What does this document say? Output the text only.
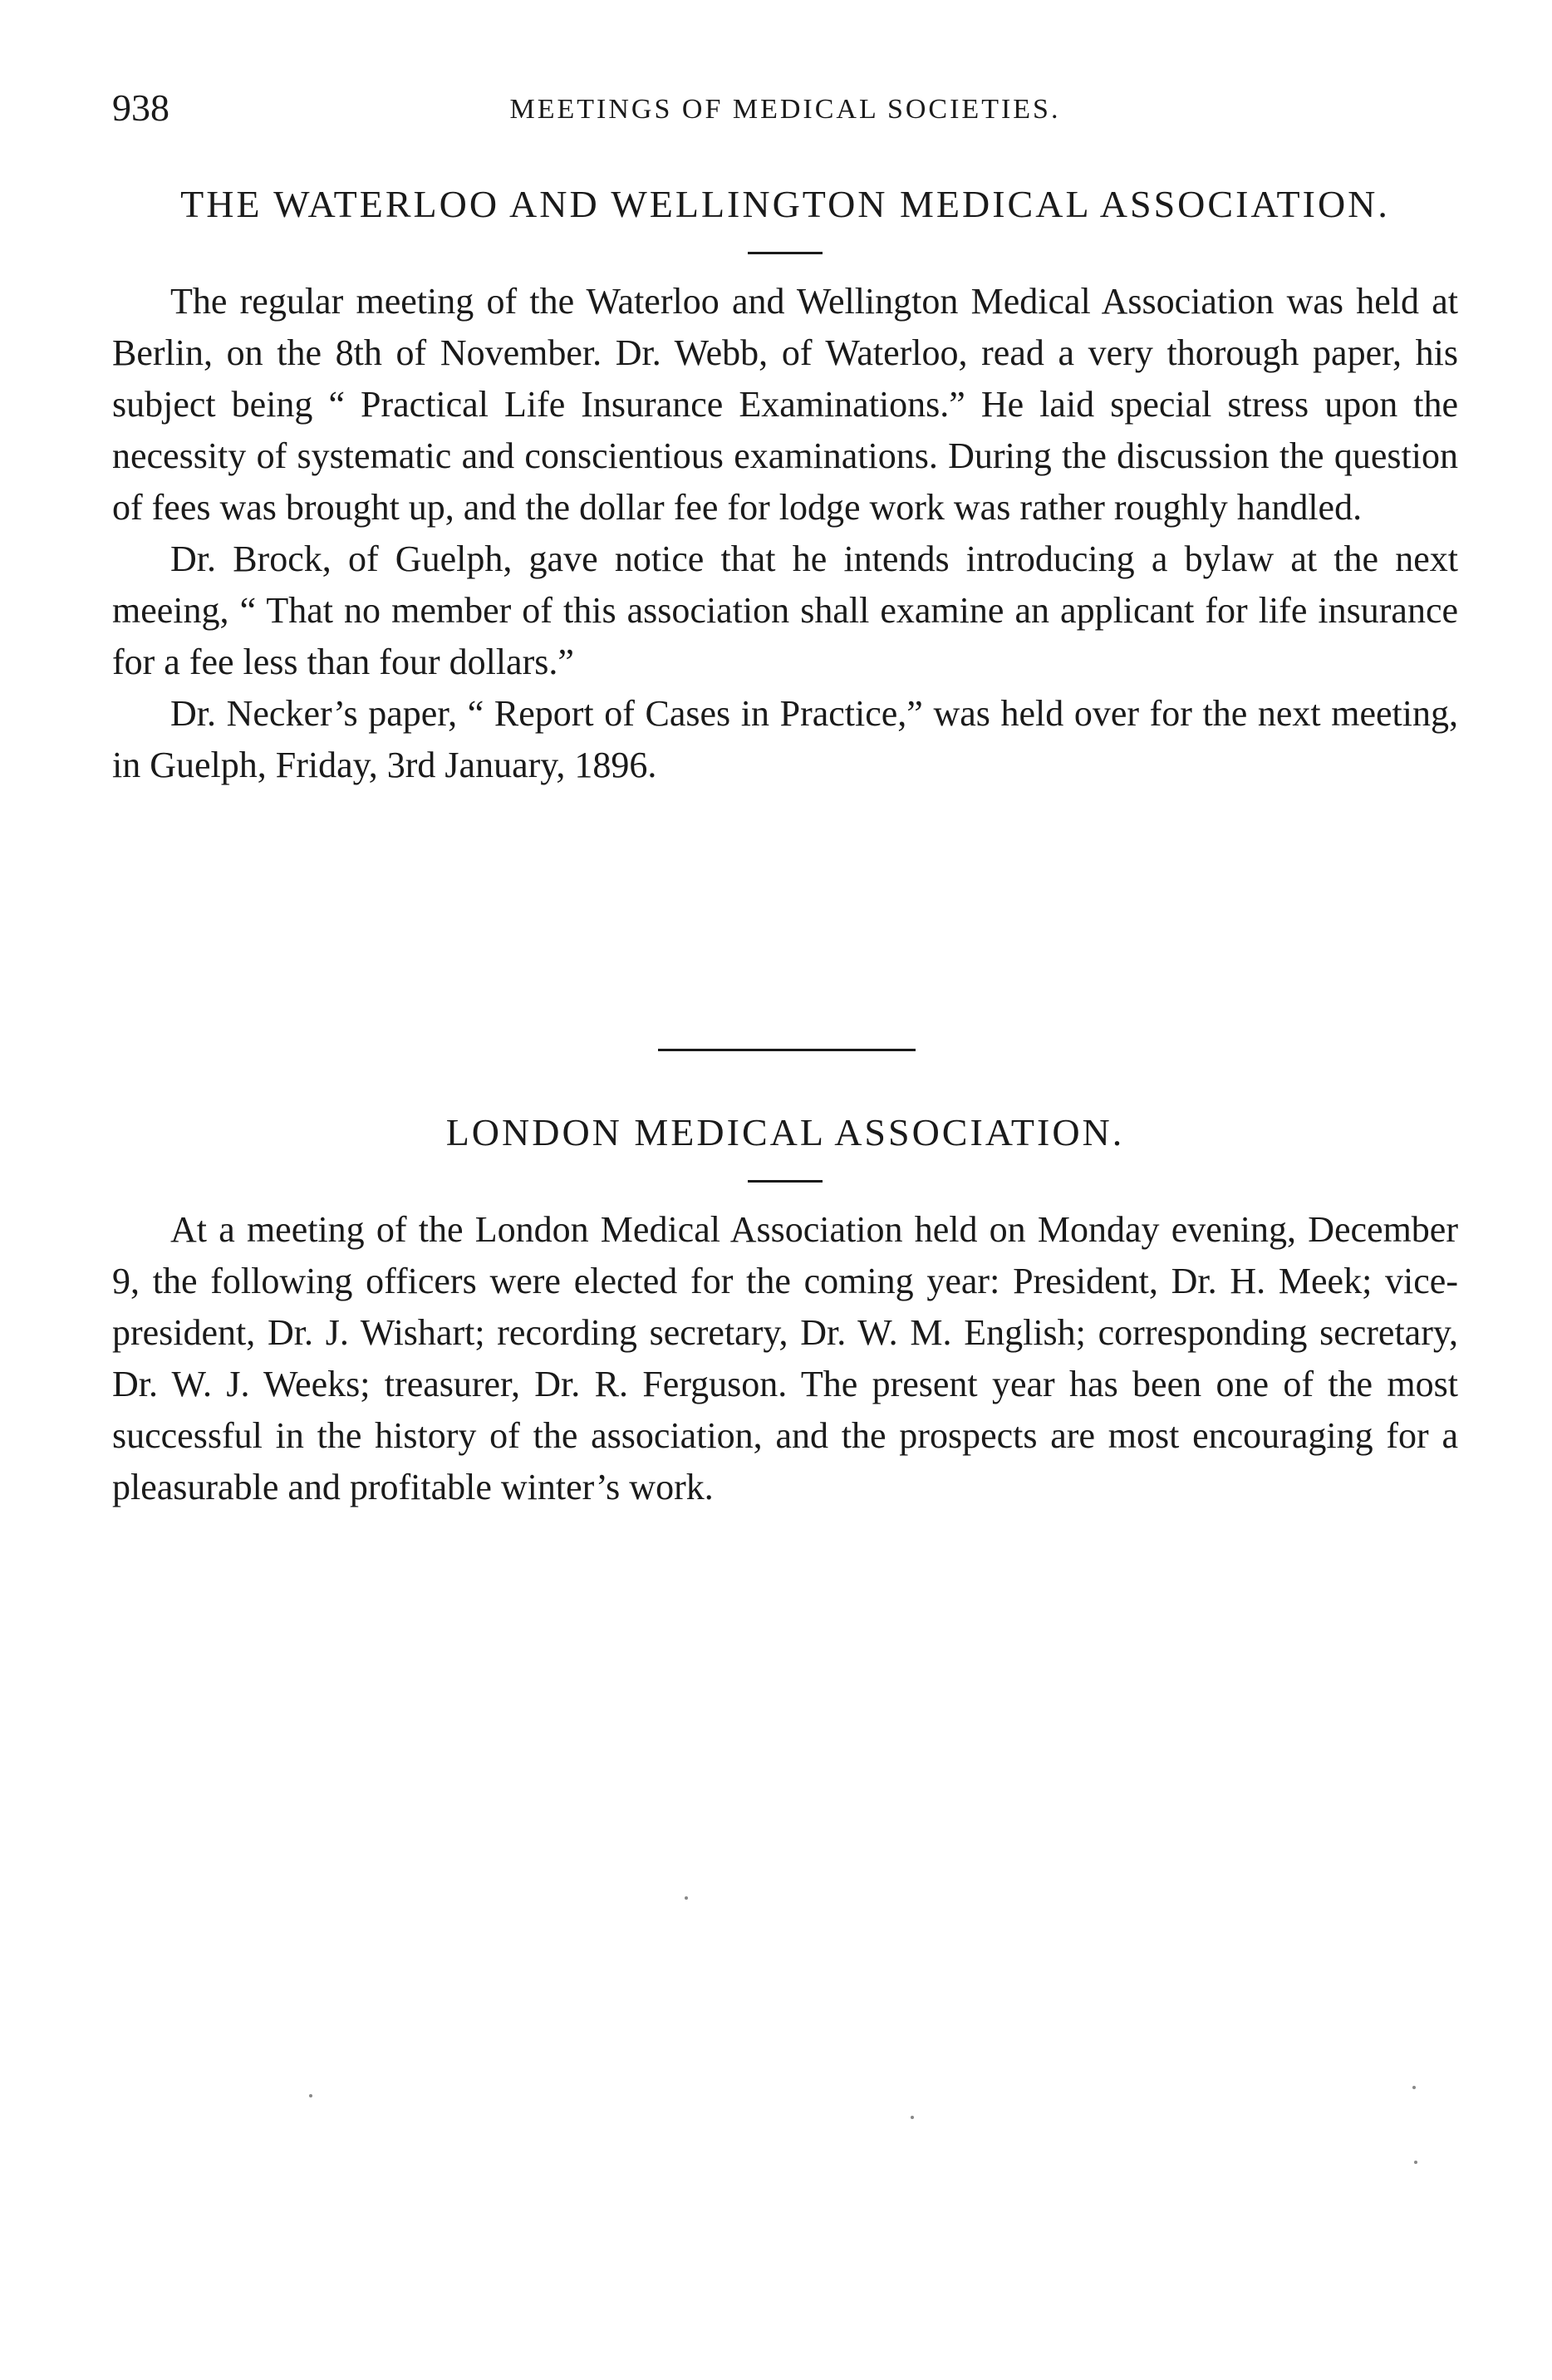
938	MEETINGS OF MEDICAL SOCIETIES.
THE WATERLOO AND WELLINGTON MEDICAL ASSOCIATION.

The regular meeting of the Waterloo and Wellington Medical Association was held at Berlin, on the 8th of November. Dr. Webb, of Waterloo, read a very thorough paper, his subject being “ Practical Life Insurance Examinations.” He laid special stress upon the necessity of systematic and conscientious examinations. During the discussion the question of fees was brought up, and the dollar fee for lodge work was rather roughly handled.

Dr. Brock, of Guelph, gave notice that he intends introducing a bylaw at the next meeing, “ That no member of this association shall examine an applicant for life insurance for a fee less than four dollars.”

Dr. Necker’s paper, “ Report of Cases in Practice,” was held over for the next meeting, in Guelph, Friday, 3rd January, 1896.

LONDON MEDICAL ASSOCIATION.

At a meeting of the London Medical Association held on Monday evening, December 9, the following officers were elected for the coming year: President, Dr. H. Meek; vice-president, Dr. J. Wishart; recording secretary, Dr. W. M. English; corresponding secretary, Dr. W. J. Weeks; treasurer, Dr. R. Ferguson. The present year has been one of the most successful in the history of the association, and the prospects are most encouraging for a pleasurable and profitable winter’s work.
